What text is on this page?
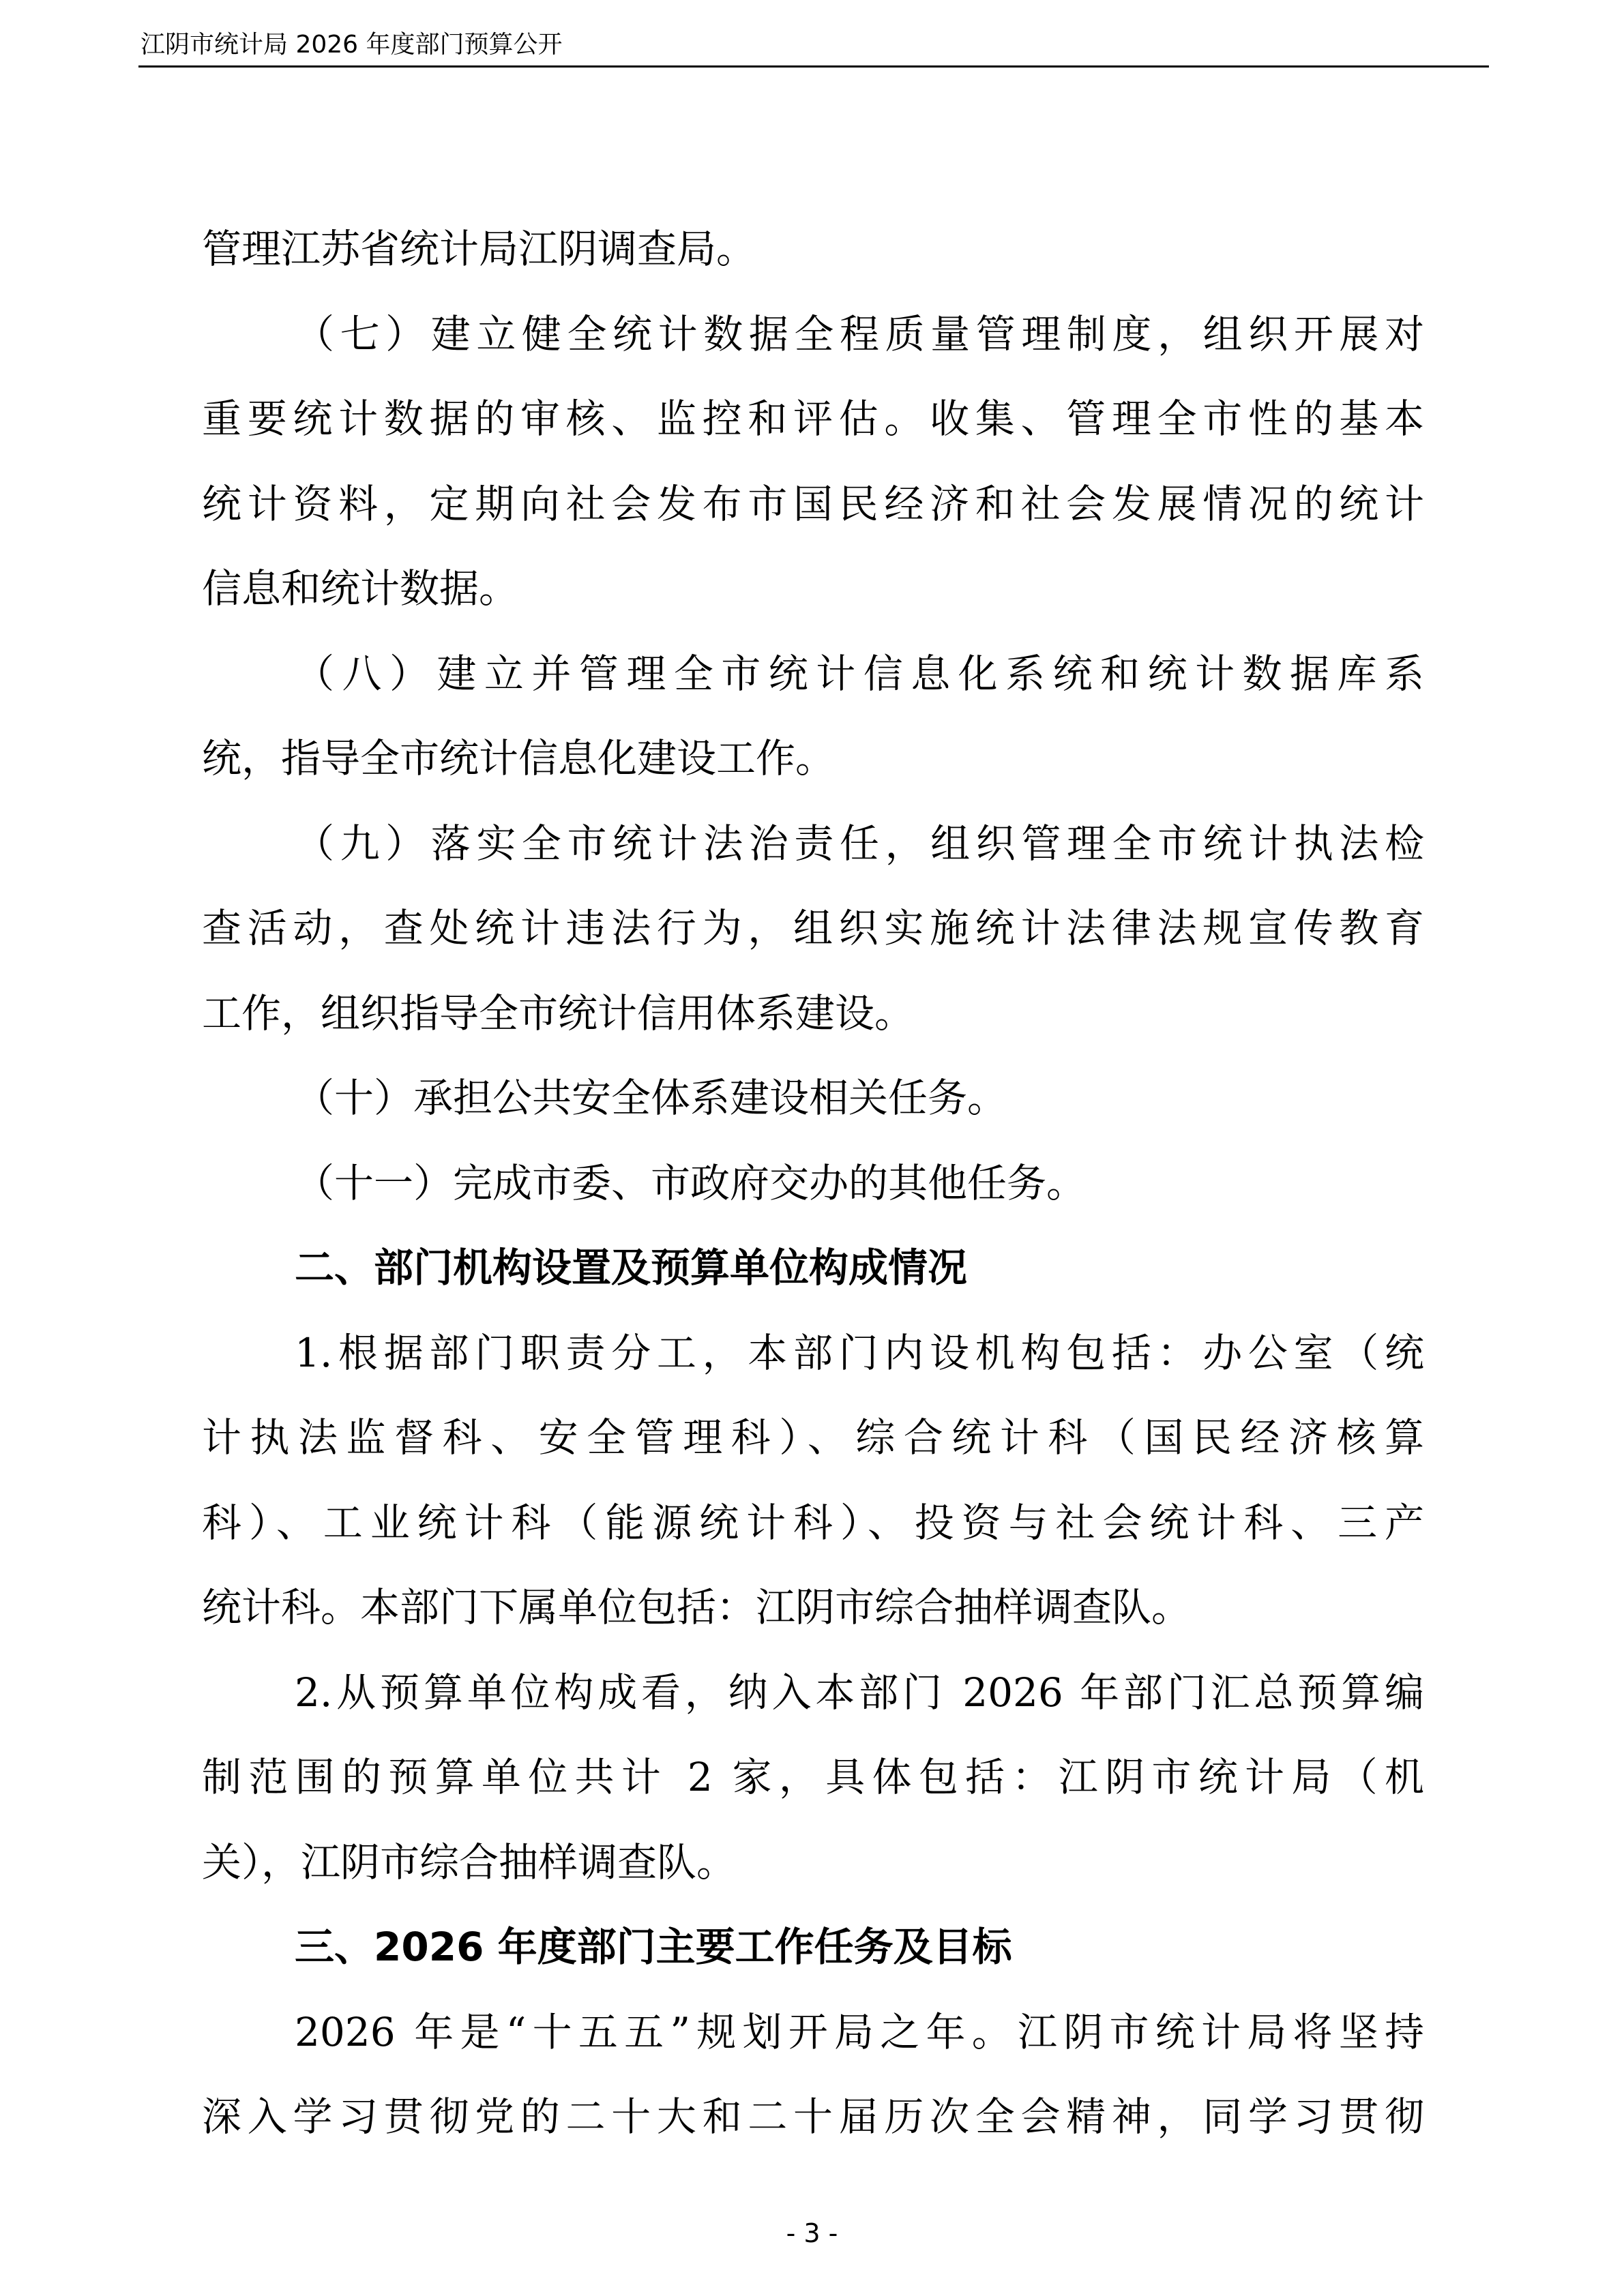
江阴市统计局 2026 年度部门预算公开
管理江苏省统计局江阴调查局。
（七）建立健全统计数据全程质量管理制度，组织开展对
重要统计数据的审核、监控和评估。收集、管理全市性的基本
统计资料，定期向社会发布市国民经济和社会发展情况的统计
信息和统计数据。
（八）建立并管理全市统计信息化系统和统计数据库系
统，指导全市统计信息化建设工作。
（九）落实全市统计法治责任，组织管理全市统计执法检
查活动，查处统计违法行为，组织实施统计法律法规宣传教育
工作，组织指导全市统计信用体系建设。
（十）承担公共安全体系建设相关任务。
（十一）完成市委、市政府交办的其他任务。
二、部门机构设置及预算单位构成情况
1.根据部门职责分工，本部门内设机构包括：办公室（统
计执法监督科、安全管理科）、综合统计科（国民经济核算
科）、工业统计科（能源统计科）、投资与社会统计科、三产
统计科。本部门下属单位包括：江阴市综合抽样调查队。
2.从预算单位构成看，纳入本部门 2026 年部门汇总预算编
制范围的预算单位共计 2 家，具体包括：江阴市统计局（机
关），江阴市综合抽样调查队。
三、2026 年度部门主要工作任务及目标
2026 年是“十五五”规划开局之年。江阴市统计局将坚持
深入学习贯彻党的二十大和二十届历次全会精神，同学习贯彻
- 3 -
